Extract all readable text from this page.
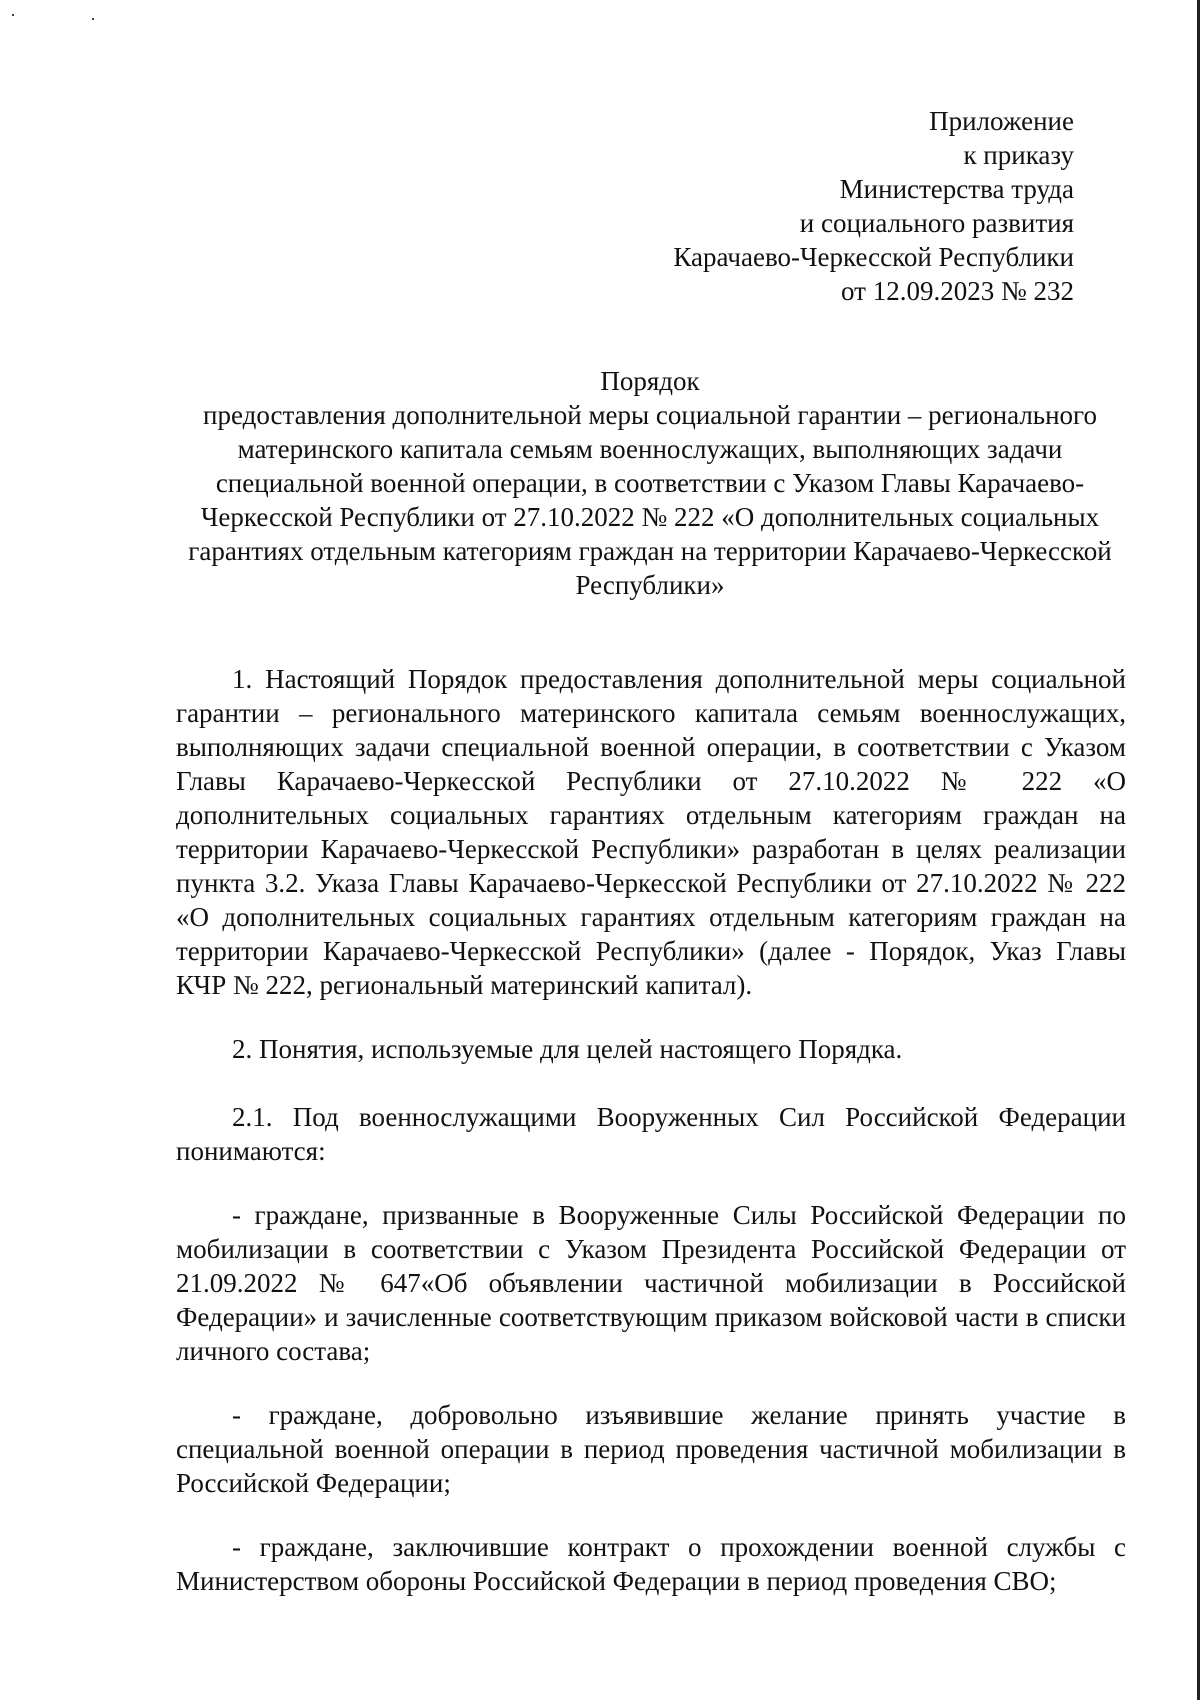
Приложение
к приказу
Министерства труда
и социального развития
Карачаево-Черкесской Республики
от 12.09.2023 № 232
Порядок
предоставления дополнительной меры социальной гарантии – регионального материнского капитала семьям военнослужащих, выполняющих задачи специальной военной операции, в соответствии с Указом Главы Карачаево-Черкесской Республики от 27.10.2022 № 222 «О дополнительных социальных гарантиях отдельным категориям граждан на территории Карачаево-Черкесской Республики»

1. Настоящий Порядок предоставления дополнительной меры социальной гарантии – регионального материнского капитала семьям военнослужащих, выполняющих задачи специальной военной операции, в соответствии с Указом Главы Карачаево-Черкесской Республики от 27.10.2022 № 222 «О дополнительных социальных гарантиях отдельным категориям граждан на территории Карачаево-Черкесской Республики» разработан в целях реализации пункта 3.2. Указа Главы Карачаево-Черкесской Республики от 27.10.2022 № 222 «О дополнительных социальных гарантиях отдельным категориям граждан на территории Карачаево-Черкесской Республики» (далее - Порядок, Указ Главы КЧР № 222, региональный материнский капитал).

2. Понятия, используемые для целей настоящего Порядка.

2.1. Под военнослужащими Вооруженных Сил Российской Федерации понимаются:

- граждане, призванные в Вооруженные Силы Российской Федерации по мобилизации в соответствии с Указом Президента Российской Федерации от 21.09.2022 № 647«Об объявлении частичной мобилизации в Российской Федерации» и зачисленные соответствующим приказом войсковой части в списки личного состава;

- граждане, добровольно изъявившие желание принять участие в специальной военной операции в период проведения частичной мобилизации в Российской Федерации;

- граждане, заключившие контракт о прохождении военной службы с Министерством обороны Российской Федерации в период проведения СВО;
